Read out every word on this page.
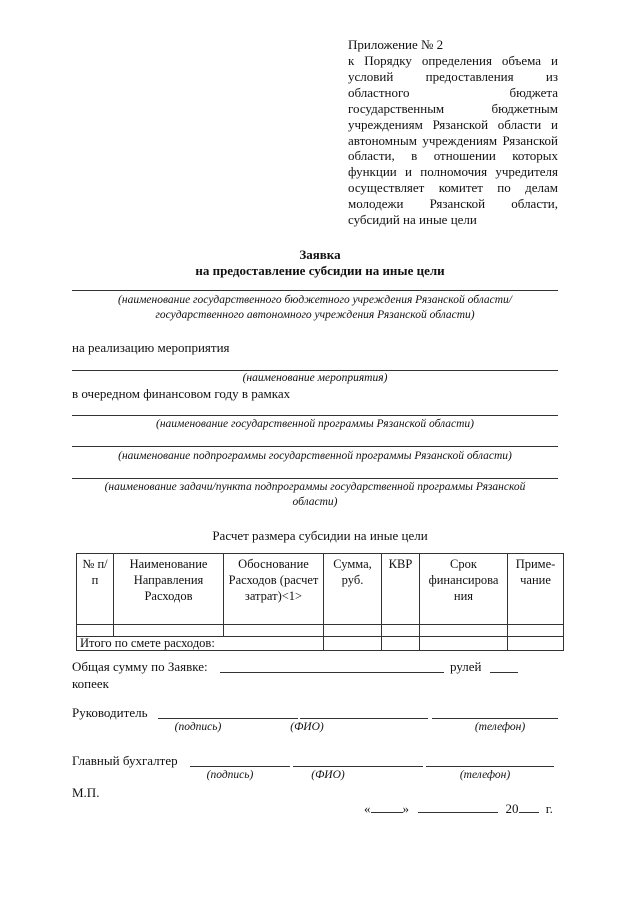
Приложение № 2
к Порядку определения объема и условий предоставления из областного бюджета государственным бюджетным учреждениям Рязанской области и автономным учреждениям Рязанской области, в отношении которых функции и полномочия учредителя осуществляет комитет по делам молодежи Рязанской области, субсидий на иные цели
Заявка
на предоставление субсидии на иные цели
(наименование государственного бюджетного учреждения Рязанской области/
государственного автономного учреждения Рязанской области)
на реализацию мероприятия
(наименование мероприятия)
в очередном финансовом году в рамках
(наименование государственной программы Рязанской области)
(наименование подпрограммы государственной программы Рязанской области)
(наименование задачи/пункта подпрограммы государственной программы Рязанской
области)
Расчет размера субсидии на иные цели
№ п/п	Наименование Направления Расходов	Обоснование Расходов (расчет затрат)<1>	Сумма, руб.	КВР	Срок финансирова ния	Приме-чание

Итого по смете расходов:						
Общая сумму по Заявке:	рулей
копеек
Руководитель
(подпись)	(ФИО)	(телефон)
Главный бухгалтер
(подпись)	(ФИО)	(телефон)
М.П.
« »	20 г.
